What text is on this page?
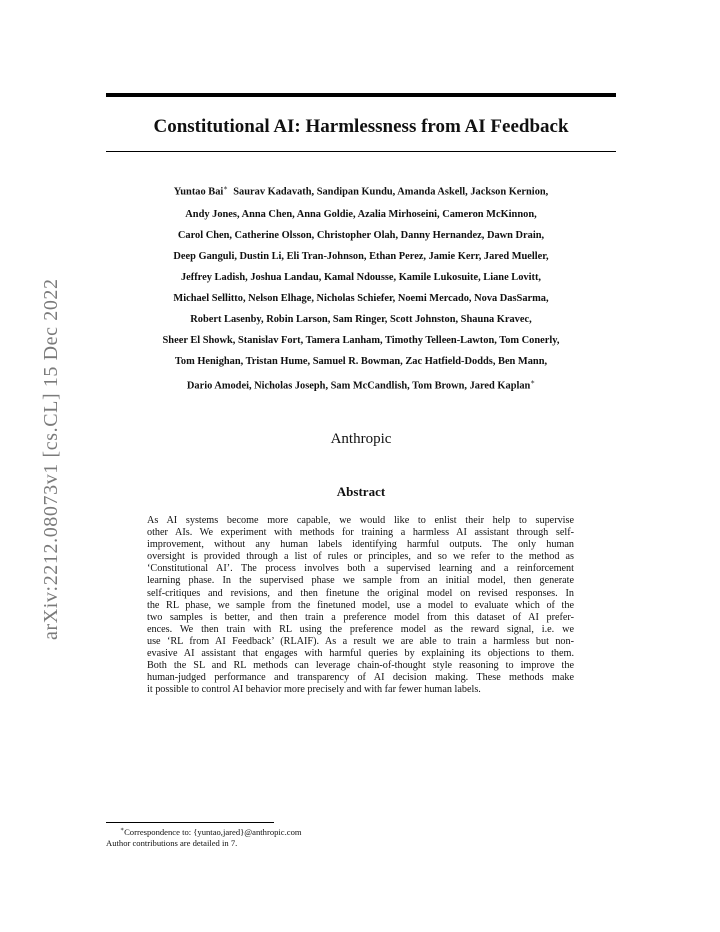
arXiv:2212.08073v1 [cs.CL] 15 Dec 2022
Constitutional AI: Harmlessness from AI Feedback
Yuntao Bai∗ Saurav Kadavath, Sandipan Kundu, Amanda Askell, Jackson Kernion,
Andy Jones, Anna Chen, Anna Goldie, Azalia Mirhoseini, Cameron McKinnon,
Carol Chen, Catherine Olsson, Christopher Olah, Danny Hernandez, Dawn Drain,
Deep Ganguli, Dustin Li, Eli Tran-Johnson, Ethan Perez, Jamie Kerr, Jared Mueller,
Jeffrey Ladish, Joshua Landau, Kamal Ndousse, Kamile Lukosuite, Liane Lovitt,
Michael Sellitto, Nelson Elhage, Nicholas Schiefer, Noemi Mercado, Nova DasSarma,
Robert Lasenby, Robin Larson, Sam Ringer, Scott Johnston, Shauna Kravec,
Sheer El Showk, Stanislav Fort, Tamera Lanham, Timothy Telleen-Lawton, Tom Conerly,
Tom Henighan, Tristan Hume, Samuel R. Bowman, Zac Hatfield-Dodds, Ben Mann,
Dario Amodei, Nicholas Joseph, Sam McCandlish, Tom Brown, Jared Kaplan∗
Anthropic
Abstract
As AI systems become more capable, we would like to enlist their help to supervise
other AIs. We experiment with methods for training a harmless AI assistant through self-
improvement, without any human labels identifying harmful outputs. The only human
oversight is provided through a list of rules or principles, and so we refer to the method as
‘Constitutional AI’. The process involves both a supervised learning and a reinforcement
learning phase. In the supervised phase we sample from an initial model, then generate
self-critiques and revisions, and then finetune the original model on revised responses. In
the RL phase, we sample from the finetuned model, use a model to evaluate which of the
two samples is better, and then train a preference model from this dataset of AI prefer-
ences. We then train with RL using the preference model as the reward signal, i.e. we
use ‘RL from AI Feedback’ (RLAIF). As a result we are able to train a harmless but non-
evasive AI assistant that engages with harmful queries by explaining its objections to them.
Both the SL and RL methods can leverage chain-of-thought style reasoning to improve the
human-judged performance and transparency of AI decision making. These methods make
it possible to control AI behavior more precisely and with far fewer human labels.
∗Correspondence to: {yuntao,jared}@anthropic.com
Author contributions are detailed in 7.
